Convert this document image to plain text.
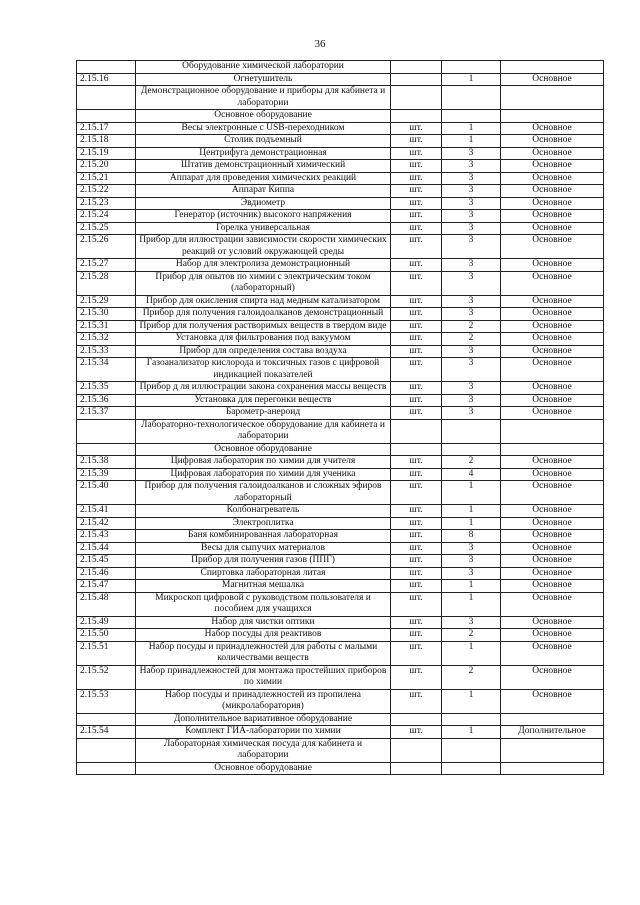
36
	Оборудование химической лаборатории			
2.15.16	Огнетушитель		1	Основное
	Демонстрационное оборудование и приборы для кабинета и лаборатории			
	Основное оборудование			
2.15.17	Весы электронные с USB-переходником	шт.	1	Основное
2.15.18	Столик подъемный	шт.	1	Основное
2.15.19	Центрифуга демонстрационная	шт.	3	Основное
2.15.20	Штатив демонстрационный химический	шт.	3	Основное
2.15.21	Аппарат для проведения химических реакций	шт.	3	Основное
2.15.22	Аппарат Киппа	шт.	3	Основное
2.15.23	Эвдиометр	шт.	3	Основное
2.15.24	Генератор (источник) высокого напряжения	шт.	3	Основное
2.15.25	Горелка универсальная	шт.	3	Основное
2.15.26	Прибор для иллюстрации зависимости скорости химических реакций от условий окружающей среды	шт.	3	Основное
2.15.27	Набор для электролиза демонстрационный	шт.	3	Основное
2.15.28	Прибор для опытов по химии с электрическим током (лабораторный)	шт.	3	Основное
2.15.29	Прибор для окисления спирта над медным катализатором	шт.	3	Основное
2.15.30	Прибор для получения галоидоалканов демонстрационный	шт.	3	Основное
2.15.31	Прибор для получения растворимых веществ в твердом виде	шт.	2	Основное
2.15.32	Установка для фильтрования под вакуумом	шт.	2	Основное
2.15.33	Прибор для определения состава воздуха	шт.	3	Основное
2.15.34	Газоанализатор кислорода и токсичных газов с цифровой индикацией показателей	шт.	3	Основное
2.15.35	Прибор д ля иллюстрации закона сохранения массы веществ	шт.	3	Основное
2.15.36	Установка для перегонки веществ	шт.	3	Основное
2.15.37	Барометр-анероид	шт.	3	Основное
	Лабораторно-технологическое оборудование для кабинета и лаборатории			
	Основное оборудование			
2.15.38	Цифровая лаборатория по химии для учителя	шт.	2	Основное
2.15.39	Цифровая лаборатория по химии для ученика	шт.	4	Основное
2.15.40	Прибор для получения галоидоалканов и сложных эфиров лабораторный	шт.	1	Основное
2.15.41	Колбонагреватель	шт.	1	Основное
2.15.42	Электроплитка	шт.	1	Основное
2.15.43	Баня комбинированная лабораторная	шт.	8	Основное
2.15.44	Весы для сыпучих материалов	шт.	3	Основное
2.15.45	Прибор для получения газов (ППГ)	шт.	3	Основное
2.15.46	Спиртовка лабораторная литая	шт.	3	Основное
2.15.47	Магнитная мешалка	шт.	1	Основное
2.15.48	Микроскоп цифровой с руководством пользователя и пособием для учащихся	шт.	1	Основное
2.15.49	Набор для чистки оптики	шт.	3	Основное
2.15.50	Набор посуды для реактивов	шт.	2	Основное
2.15.51	Набор посуды и принадлежностей для работы с малыми количествами веществ	шт.	1	Основное
2.15.52	Набор принадлежностей для монтажа простейших приборов по химии	шт.	2	Основное
2.15.53	Набор посуды и принадлежностей из пропилена (микролаборатория)	шт.	1	Основное
	Дополнительное вариативное оборудование			
2.15.54	Комплект ГИА-лаборатории по химии	шт.	1	Дополнительное
	Лабораторная химическая посуда для кабинета и лаборатории			
	Основное оборудование			
